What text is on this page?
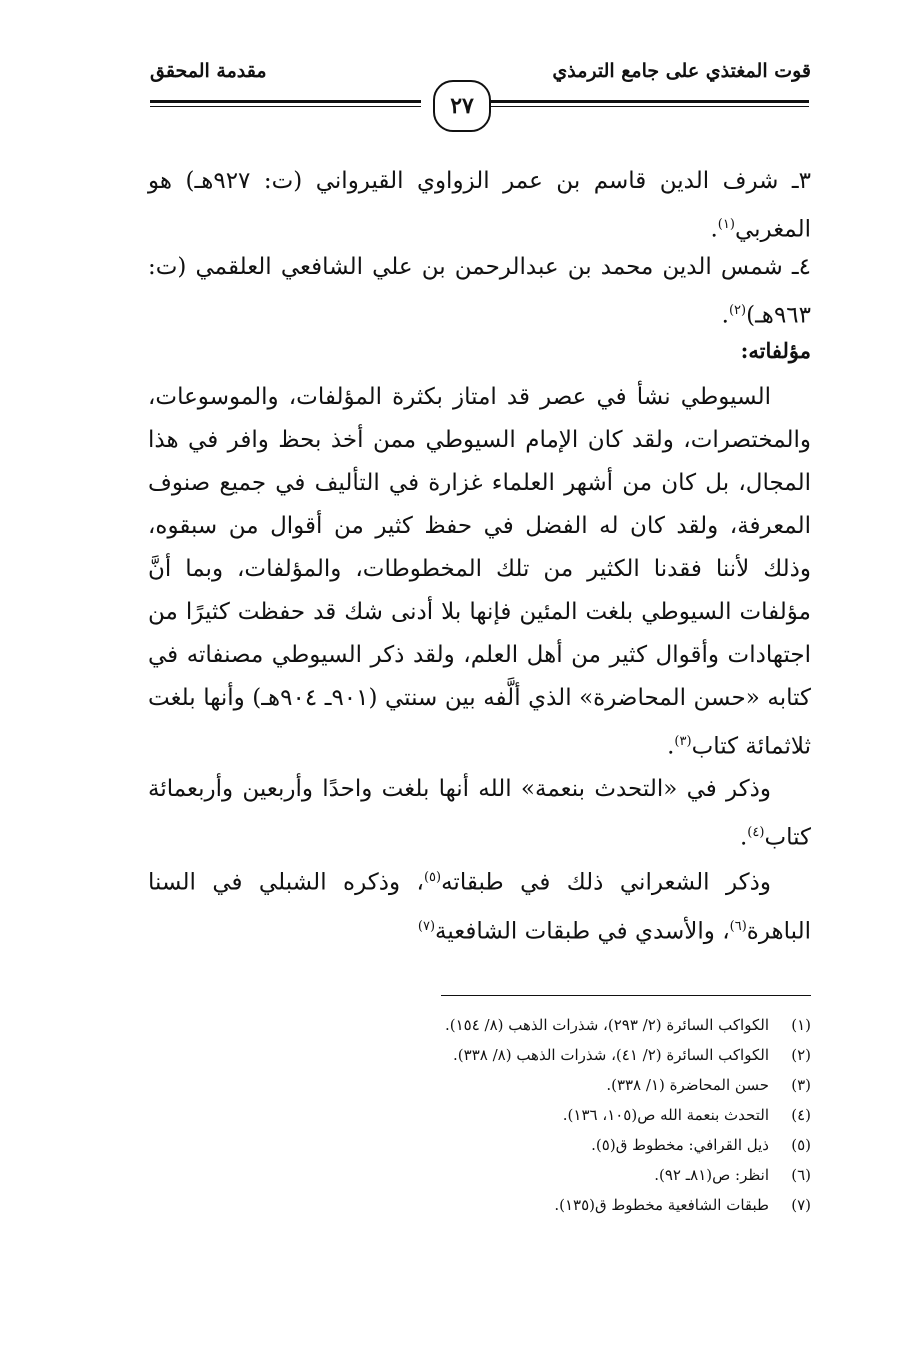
قوت المغتذي على جامع الترمذي
مقدمة المحقق
٢٧

٣ـ شرف الدين قاسم بن عمر الزواوي القيرواني (ت: ٩٢٧هـ) هو المغربي$^{(١)}$.

٤ـ شمس الدين محمد بن عبدالرحمن بن علي الشافعي العلقمي (ت: ٩٦٣هـ)$^{(٢)}$.

مؤلفاته:

السيوطي نشأ في عصر قد امتاز بكثرة المؤلفات، والموسوعات، والمختصرات، ولقد كان الإمام السيوطي ممن أخذ بحظ وافر في هذا المجال، بل كان من أشهر العلماء غزارة في التأليف في جميع صنوف المعرفة، ولقد كان له الفضل في حفظ كثير من أقوال من سبقوه، وذلك لأننا فقدنا الكثير من تلك المخطوطات، والمؤلفات، وبما أنَّ مؤلفات السيوطي بلغت المئين فإنها بلا أدنى شك قد حفظت كثيرًا من اجتهادات وأقوال كثير من أهل العلم، ولقد ذكر السيوطي مصنفاته في كتابه «حسن المحاضرة» الذي ألَّفه بين سنتي (٩٠١ـ ٩٠٤هـ) وأنها بلغت ثلاثمائة كتاب$^{(٣)}$.

وذكر في «التحدث بنعمة» الله أنها بلغت واحدًا وأربعين وأربعمائة كتاب$^{(٤)}$.

وذكر الشعراني ذلك في طبقاته$^{(٥)}$، وذكره الشبلي في السنا الباهرة$^{(٦)}$، والأسدي في طبقات الشافعية$^{(٧)}$

(١)
الكواكب السائرة (٢/ ٢٩٣)، شذرات الذهب (٨/ ١٥٤).
(٢)
الكواكب السائرة (٢/ ٤١)، شذرات الذهب (٨/ ٣٣٨).
(٣)
حسن المحاضرة (١/ ٣٣٨).
(٤)
التحدث بنعمة الله ص(١٠٥، ١٣٦).
(٥)
ذيل القرافي: مخطوط ق(٥).
(٦)
انظر: ص(٨١ـ ٩٢).
(٧)
طبقات الشافعية مخطوط ق(١٣٥).
